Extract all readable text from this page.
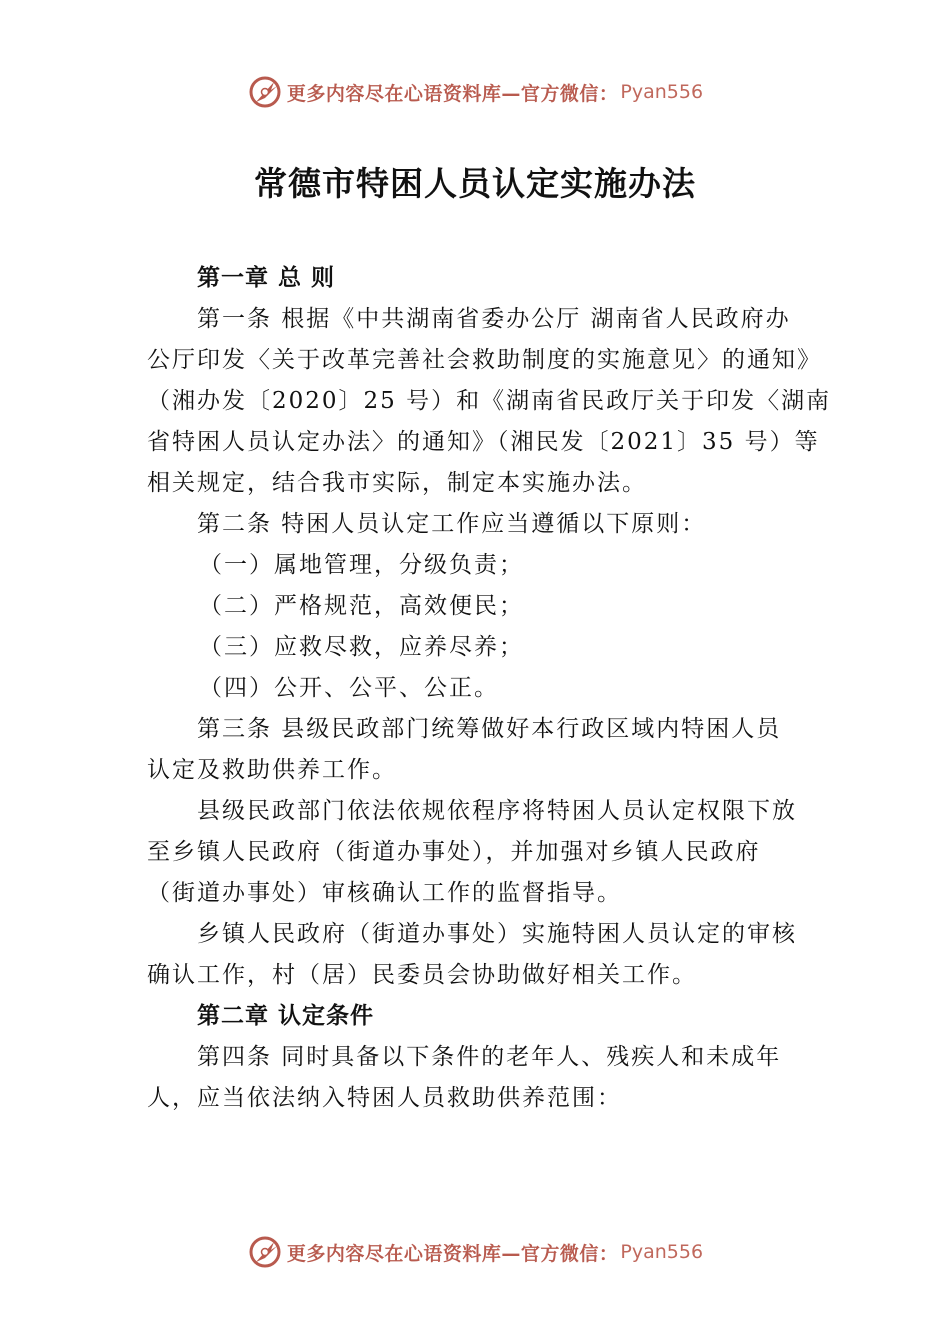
更多内容尽在心语资料库—官方微信： Pyan556
常德市特困人员认定实施办法
第一章 总 则
第一条 根据《中共湖南省委办公厅 湖南省人民政府办
公厅印发〈关于改革完善社会救助制度的实施意见〉的通知》
（湘办发〔2020〕25 号）和《湖南省民政厅关于印发〈湖南
省特困人员认定办法〉的通知》（湘民发〔2021〕35 号）等
相关规定，结合我市实际，制定本实施办法。
第二条 特困人员认定工作应当遵循以下原则：
（一）属地管理，分级负责；
（二）严格规范，高效便民；
（三）应救尽救，应养尽养；
（四）公开、公平、公正。
第三条 县级民政部门统筹做好本行政区域内特困人员
认定及救助供养工作。
县级民政部门依法依规依程序将特困人员认定权限下放
至乡镇人民政府（街道办事处），并加强对乡镇人民政府
（街道办事处）审核确认工作的监督指导。
乡镇人民政府（街道办事处）实施特困人员认定的审核
确认工作，村（居）民委员会协助做好相关工作。
第二章 认定条件
第四条 同时具备以下条件的老年人、残疾人和未成年
人，应当依法纳入特困人员救助供养范围：
更多内容尽在心语资料库—官方微信： Pyan556
